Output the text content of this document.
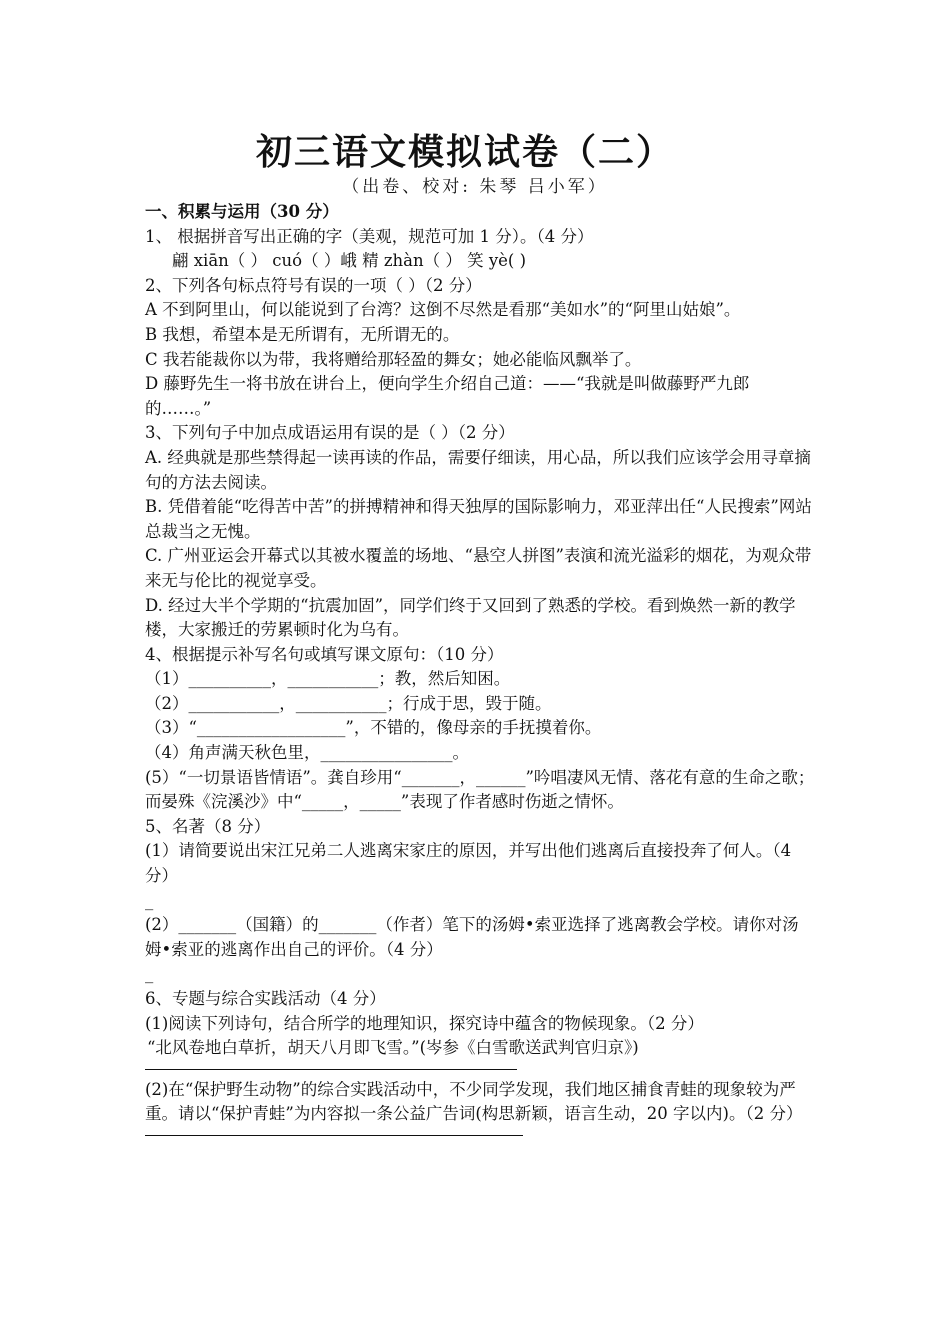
初三语文模拟试卷（二）
（出卷、校对: 朱琴 吕小军）
一、积累与运用（30 分）
1、 根据拼音写出正确的字（美观，规范可加 1 分）。（4 分）
翩 xiān（ ） cuó（ ）峨 精 zhàn（ ） 笑 yè( )
2、下列各句标点符号有误的一项（ ）（2 分）
A 不到阿里山，何以能说到了台湾？这倒不尽然是看那“美如水”的“阿里山姑娘”。
B 我想，希望本是无所谓有，无所谓无的。
C 我若能裁你以为带，我将赠给那轻盈的舞女；她必能临风飘举了。
D 藤野先生一将书放在讲台上，便向学生介绍自己道：——“我就是叫做藤野严九郎的……。”
3、下列句子中加点成语运用有误的是（ ）（2 分）
A. 经典就是那些禁得起一读再读的作品，需要仔细读，用心品，所以我们应该学会用寻章摘句的方法去阅读。
B. 凭借着能“吃得苦中苦”的拼搏精神和得天独厚的国际影响力，邓亚萍出任“人民搜索”网站总裁当之无愧。
C. 广州亚运会开幕式以其被水覆盖的场地、“悬空人拼图”表演和流光溢彩的烟花，为观众带来无与伦比的视觉享受。
D. 经过大半个学期的“抗震加固”，同学们终于又回到了熟悉的学校。看到焕然一新的教学楼，大家搬迁的劳累顿时化为乌有。
4、根据提示补写名句或填写课文原句：（10 分）
（1）__________，___________；教，然后知困。
（2）___________，___________；行成于思，毁于随。
（3）“__________________”，不错的，像母亲的手抚摸着你。
（4）角声满天秋色里，________________。
(5）“一切景语皆情语”。龚自珍用“_______，______”吟唱凄风无情、落花有意的生命之歌；而晏殊《浣溪沙》中“_____，_____”表现了作者感时伤逝之情怀。
5、名著（8 分）
(1）请简要说出宋江兄弟二人逃离宋家庄的原因，并写出他们逃离后直接投奔了何人。（4 分）
_
(2）_______（国籍）的_______（作者）笔下的汤姆•索亚选择了逃离教会学校。请你对汤姆•索亚的逃离作出自己的评价。（4 分）
_
6、专题与综合实践活动（4 分）
(1)阅读下列诗句，结合所学的地理知识，探究诗中蕴含的物候现象。（2 分）
“北风卷地白草折，胡天八月即飞雪。”(岑参《白雪歌送武判官归京》)
(2)在“保护野生动物”的综合实践活动中，不少同学发现，我们地区捕食青蛙的现象较为严重。请以“保护青蛙”为内容拟一条公益广告词(构思新颖，语言生动，20 字以内)。（2 分）
